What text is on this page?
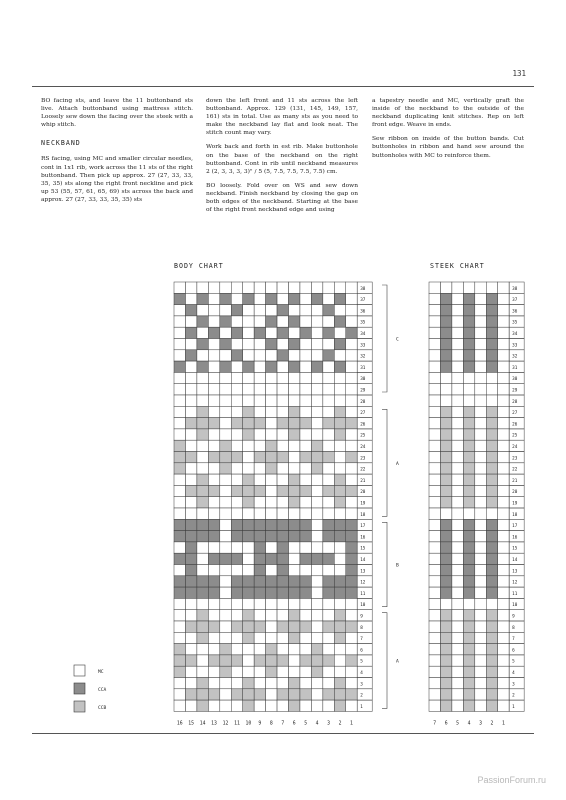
131

BO facing sts, and leave the 11 buttonband sts live. Attach buttonband using mattress stitch. Loosely sew down the facing over the steek with a whip stitch.

NECKBAND

RS facing, using MC and smaller circular needles, cont in 1x1 rib, work across the 11 sts of the right buttonband. Then pick up approx. 27 (27, 33, 33, 35, 35) sts along the right front neckline and pick up 53 (55, 57, 61, 65, 69) sts across the back and approx. 27 (27, 33, 33, 35, 35) sts

down the left front and 11 sts across the left buttonband. Approx. 129 (131, 145, 149, 157, 161) sts in total. Use as many sts as you need to make the neckband lay flat and look neat. The stitch count may vary.

Work back and forth in est rib. Make buttonhole on the base of the neckband on the right buttonband. Cont in rib until neckband measures 2 (2, 3, 3, 3, 3)" / 5 (5, 7.5, 7.5, 7.5, 7.5) cm.

BO loosely. Fold over on WS and sew down neckband. Finish neckband by closing the gap on both edges of the neckband. Starting at the base of the right front neckband edge and using

a tapestry needle and MC, vertically graft the inside of the neckband to the outside of the neckband duplicating knit stitches. Rep on left front edge. Weave in ends.

Sew ribbon on inside of the button bands. Cut buttonholes in ribbon and hand sew around the buttonholes with MC to reinforce them.

BODY CHART	STEEK CHART
38
37
36
35
34
33
32
31
30
29
28
27
26
25
24
23
22
21
20
19
18
17
16
15
14
13
12
11
10
9
8
7
6
5
4
3
2
1
16 15 14 13 12 11 10 9 8 7 6 5 4 3 2 1
38
37
36
35
34
33
32
31
30
29
28
27
26
25
24
23
22
21
20
19
18
17
16
15
14
13
12
11
10
9
8
7
6
5
4
3
2
1
7 6 5 4 3 2 1
C
A
B
A
MC
CCA
CCB
PassionForum.ru
